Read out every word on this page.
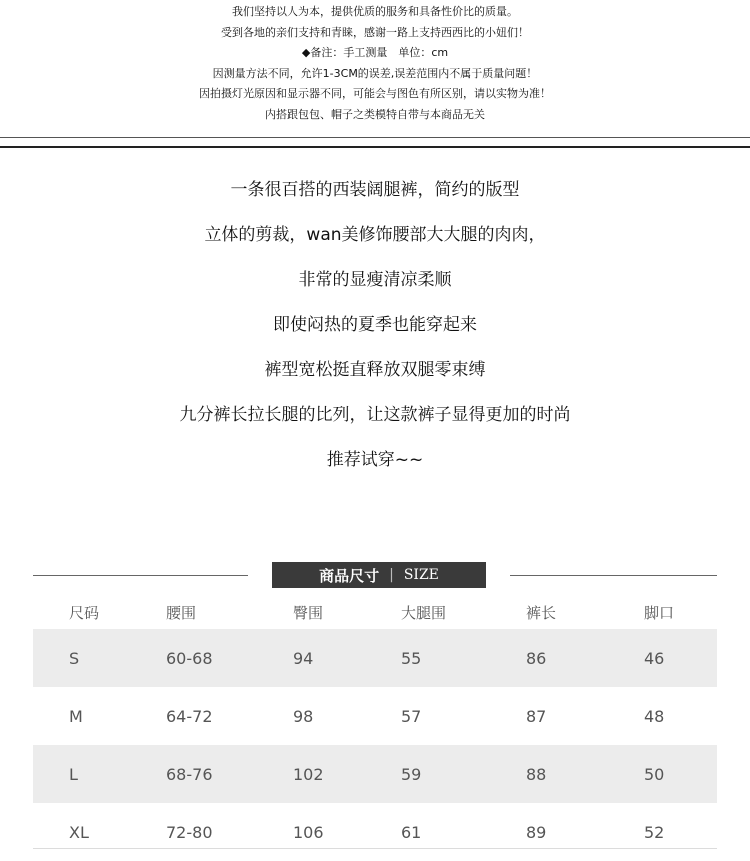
我们坚持以人为本，提供优质的服务和具备性价比的质量。
受到各地的亲们支持和青睐，感谢一路上支持西西比的小妞们！
◆备注：手工测量　单位：cm
因测量方法不同，允许1-3CM的误差,误差范围内不属于质量问题！
因拍摄灯光原因和显示器不同，可能会与图色有所区别，请以实物为准！
内搭跟包包、帽子之类模特自带与本商品无关
一条很百搭的西装阔腿裤，简约的版型
立体的剪裁，wan美修饰腰部大大腿的肉肉，
非常的显瘦清凉柔顺
即使闷热的夏季也能穿起来
裤型宽松挺直释放双腿零束缚
九分裤长拉长腿的比列，让这款裤子显得更加的时尚
推荐试穿~~
商品尺寸 | SIZE
尺码	腰围	臀围	大腿围	裤长	脚口
S	60-68	94	55	86	46
M	64-72	98	57	87	48
L	68-76	102	59	88	50
XL	72-80	106	61	89	52
